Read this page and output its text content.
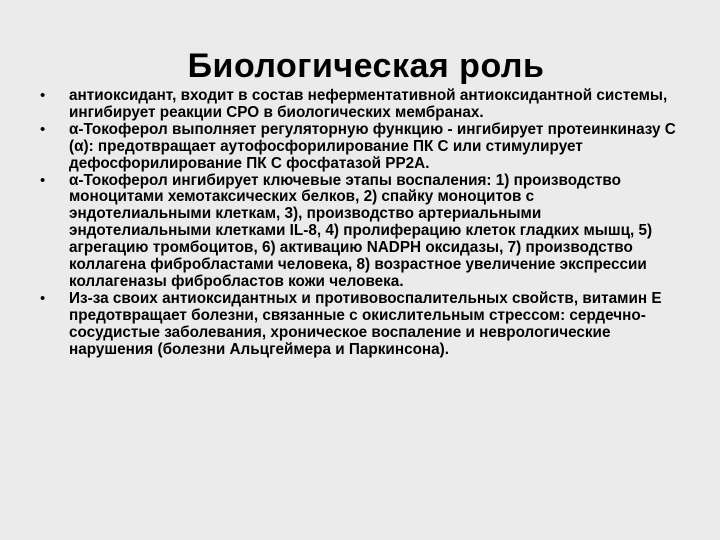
Биологическая роль
• антиоксидант, входит в состав неферментативной антиоксидантной системы, ингибирует реакции СРО в биологических мембранах.
• α-Токоферол выполняет регуляторную функцию - ингибирует протеинкиназу С (α): предотвращает аутофосфорилирование ПК С или стимулирует дефосфорилирование ПК С фосфатазой PP2A.
• α-Токоферол ингибирует ключевые этапы воспаления: 1) производство моноцитами хемотаксических белков, 2) спайку моноцитов с эндотелиальными клеткам, 3), производство артериальными эндотелиальными клетками IL-8, 4) пролиферацию клеток гладких мышц, 5) агрегацию тромбоцитов, 6) активацию NADPH оксидазы, 7) производство коллагена фибробластами человека, 8) возрастное увеличение экспрессии коллагеназы фибробластов кожи человека.
• Из-за своих антиоксидантных и противовоспалительных свойств, витамин Е предотвращает болезни, связанные с окислительным стрессом: сердечно-сосудистые заболевания, хроническое воспаление и неврологические нарушения (болезни Альцгеймера и Паркинсона).
